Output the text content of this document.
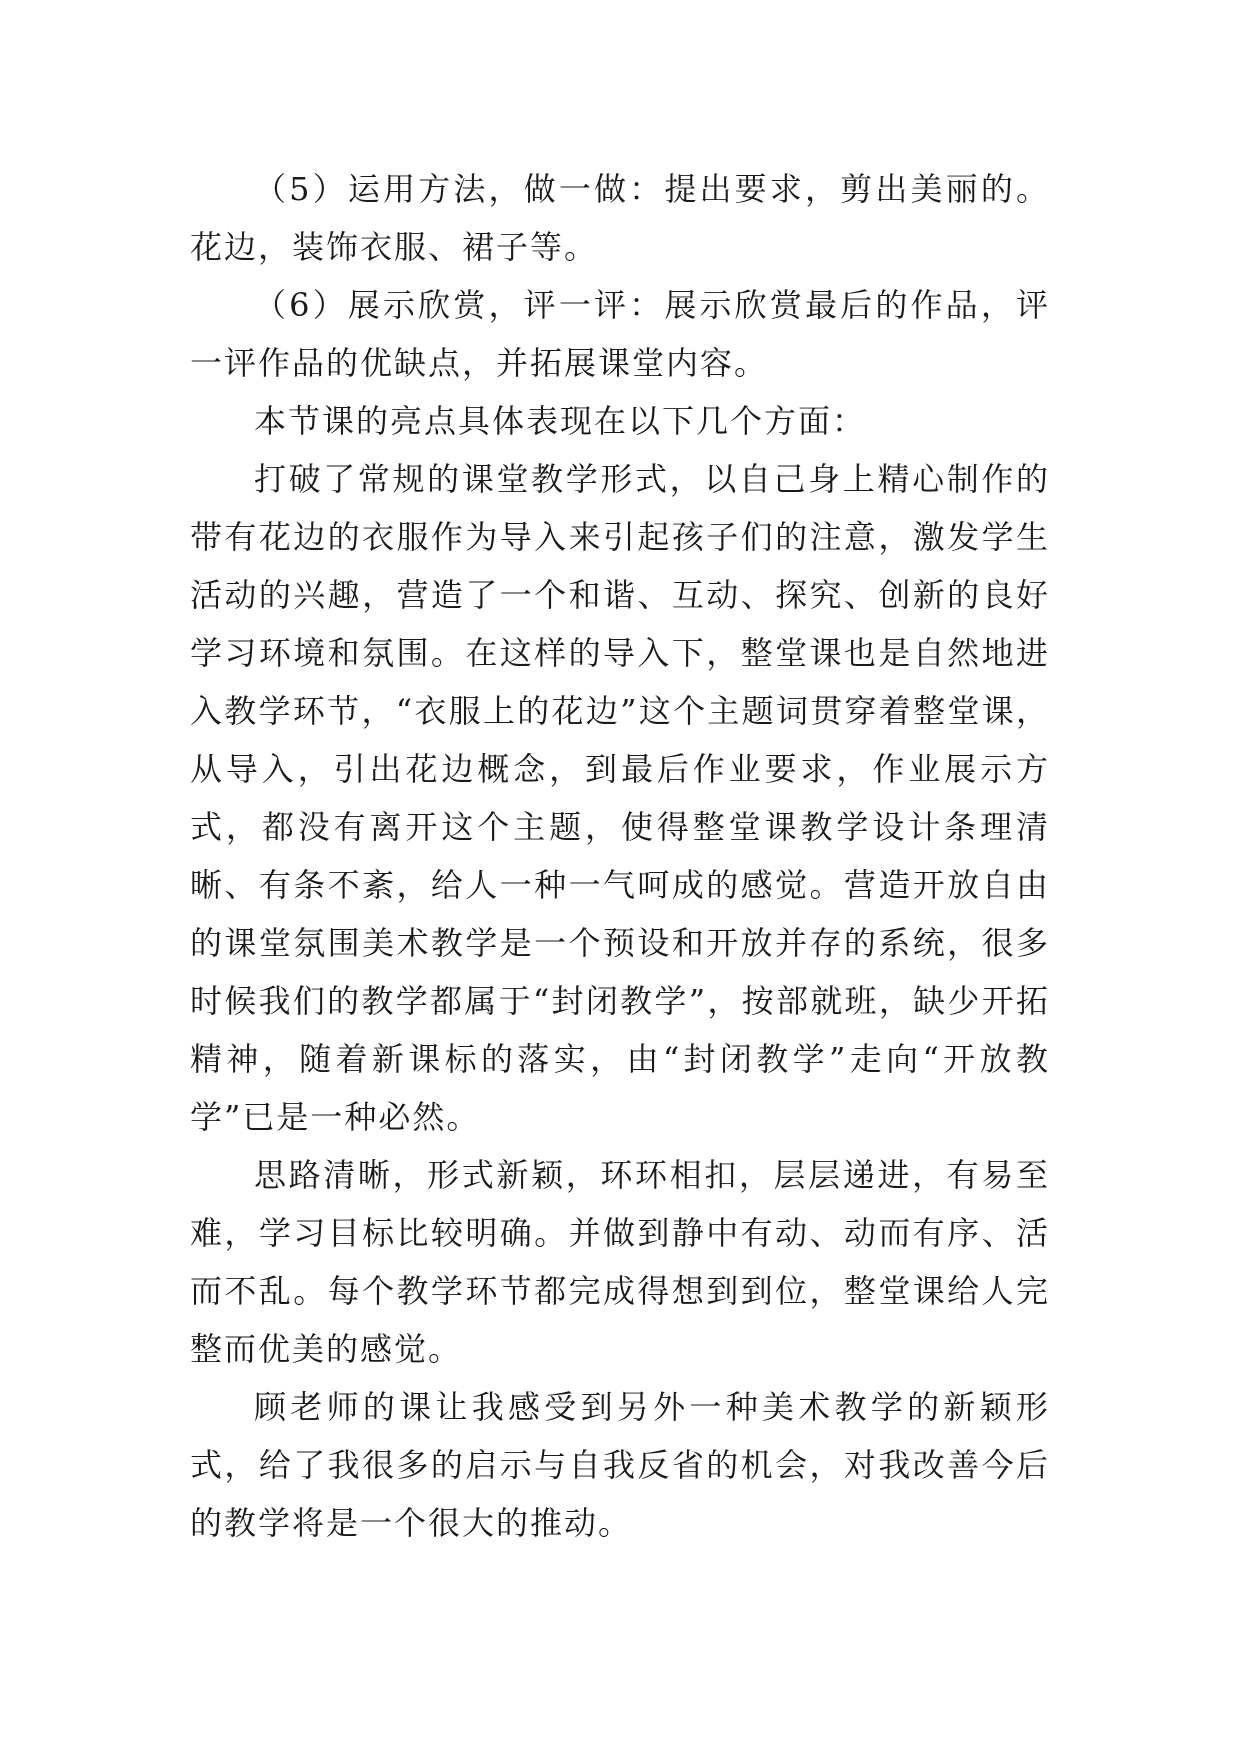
（5）运用方法，做一做：提出要求，剪出美丽的。花边，装饰衣服、裙子等。

（6）展示欣赏，评一评：展示欣赏最后的作品，评一评作品的优缺点，并拓展课堂内容。

本节课的亮点具体表现在以下几个方面：

打破了常规的课堂教学形式，以自己身上精心制作的带有花边的衣服作为导入来引起孩子们的注意，激发学生活动的兴趣，营造了一个和谐、互动、探究、创新的良好学习环境和氛围。在这样的导入下，整堂课也是自然地进入教学环节，“衣服上的花边”这个主题词贯穿着整堂课，从导入，引出花边概念，到最后作业要求，作业展示方式，都没有离开这个主题，使得整堂课教学设计条理清晰、有条不紊，给人一种一气呵成的感觉。营造开放自由的课堂氛围美术教学是一个预设和开放并存的系统，很多时候我们的教学都属于“封闭教学”，按部就班，缺少开拓精神，随着新课标的落实，由“封闭教学”走向“开放教学”已是一种必然。

思路清晰，形式新颖，环环相扣，层层递进，有易至难，学习目标比较明确。并做到静中有动、动而有序、活而不乱。每个教学环节都完成得想到到位，整堂课给人完整而优美的感觉。

顾老师的课让我感受到另外一种美术教学的新颖形式，给了我很多的启示与自我反省的机会，对我改善今后的教学将是一个很大的推动。
